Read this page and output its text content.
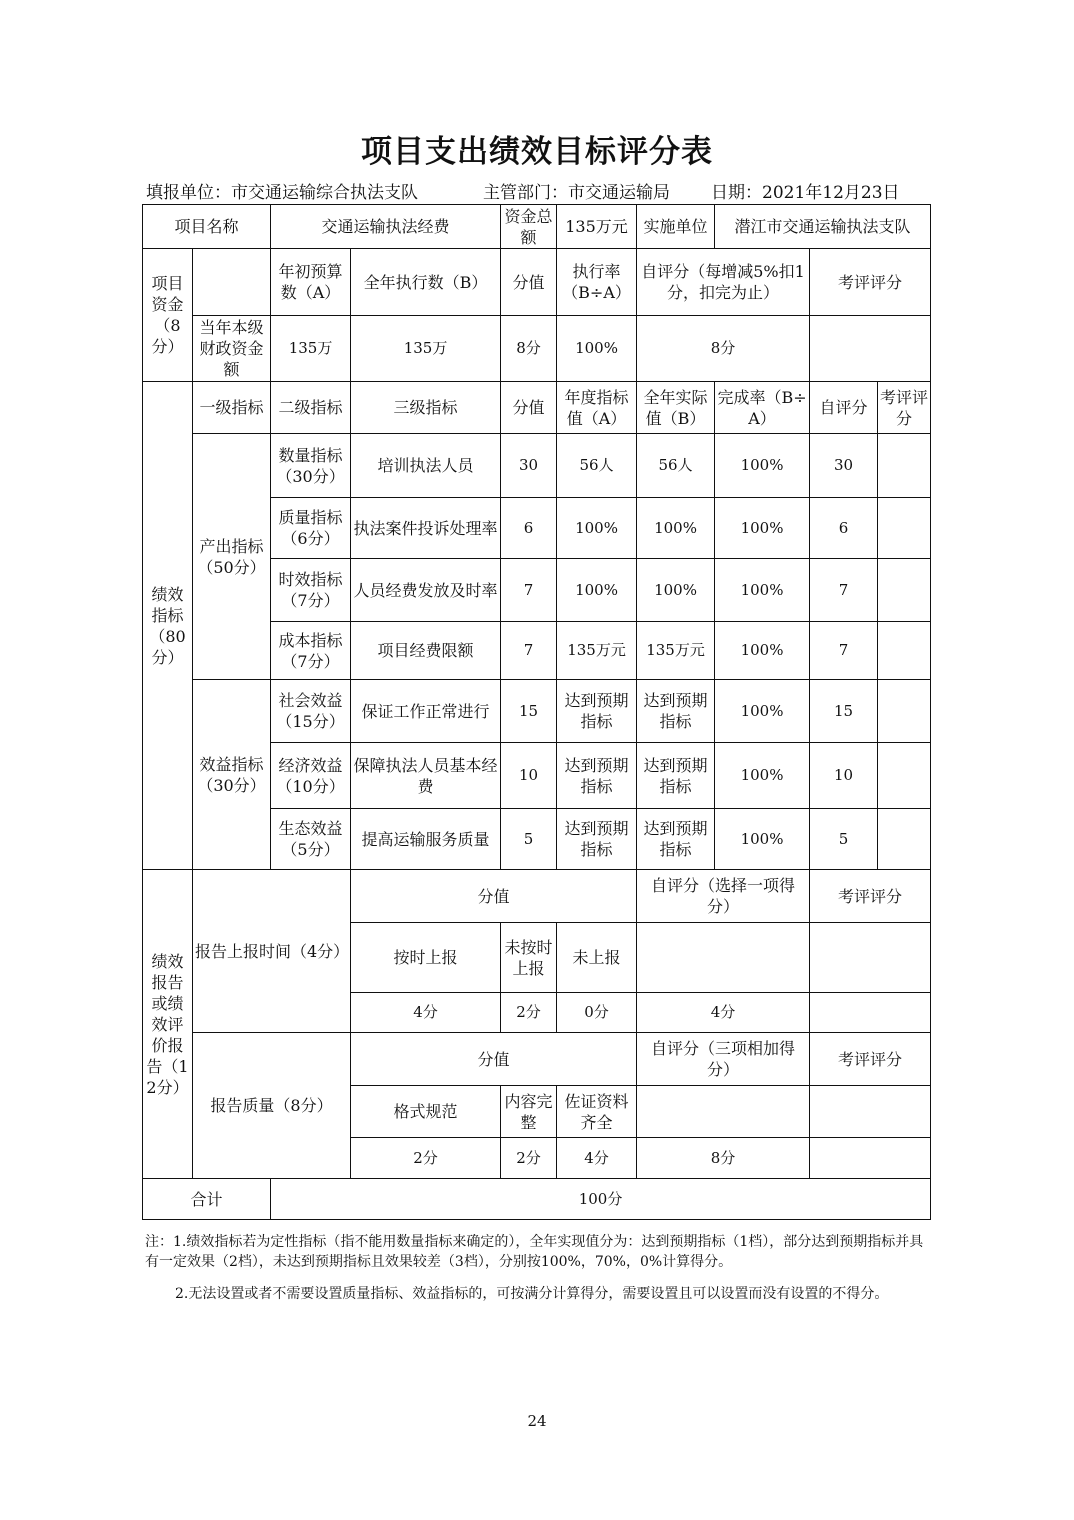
项目支出绩效目标评分表
填报单位：市交通运输综合执法支队	主管部门：市交通运输局 日期：2021年12月23日
项目名称		交通运输执法经费		资金总额	135万元	实施单位	潜江市交通运输执法支队		
项目资金（8分）		年初预算数（A）	全年执行数（B）	分值	执行率（B÷A）	自评分（每增减5%扣1分，扣完为止）		考评评分	
	当年本级财政资金额	135万	135万	8分	100%	8分			
绩效指标（80分）	一级指标	二级指标	三级指标	分值	年度指标值（A）	全年实际值（B）	完成率（B÷A）	自评分	考评评分
	产出指标（50分）	数量指标（30分）	培训执法人员	30	56人	56人	100%	30	
		质量指标（6分）	执法案件投诉处理率	6	100%	100%	100%	6	
		时效指标（7分）	人员经费发放及时率	7	100%	100%	100%	7	
		成本指标（7分）	项目经费限额	7	135万元	135万元	100%	7	
	效益指标（30分）	社会效益（15分）	保证工作正常进行	15	达到预期指标	达到预期指标	100%	15	
		经济效益（10分）	保障执法人员基本经费	10	达到预期指标	达到预期指标	100%	10	
		生态效益（5分）	提高运输服务质量	5	达到预期指标	达到预期指标	100%	5	
绩效报告或绩效评价报告（12分）	报告上报时间（4分）		分值			自评分（选择一项得分）		考评评分	
			按时上报	未按时上报	未上报				
			4分	2分	0分	4分			
	报告质量（8分）		分值			自评分（三项相加得分）		考评评分	
			格式规范	内容完整	佐证资料齐全				
			2分	2分	4分	8分			
合计		100分							
注：1.绩效指标若为定性指标（指不能用数量指标来确定的），全年实现值分为：达到预期指标（1档），部分达到预期指标并具有一定效果（2档），未达到预期指标且效果较差（3档），分别按100%，70%，0%计算得分。
2.无法设置或者不需要设置质量指标、效益指标的，可按满分计算得分，需要设置且可以设置而没有设置的不得分。
24
